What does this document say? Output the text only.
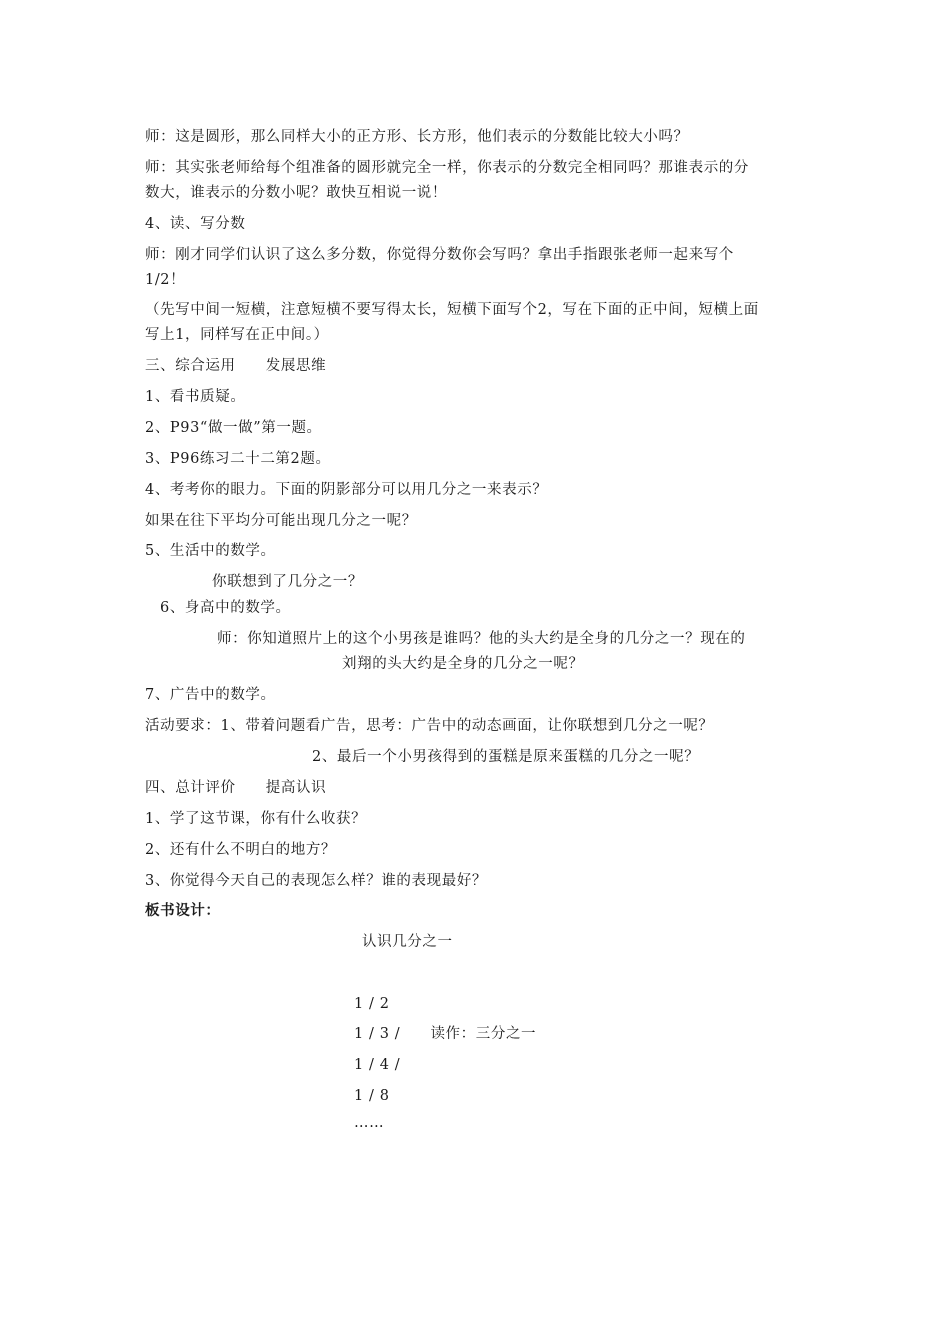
师：这是圆形，那么同样大小的正方形、长方形，他们表示的分数能比较大小吗？
师：其实张老师给每个组准备的圆形就完全一样，你表示的分数完全相同吗？那谁表示的分
数大，谁表示的分数小呢？敢快互相说一说！
4、读、写分数
师：刚才同学们认识了这么多分数，你觉得分数你会写吗？拿出手指跟张老师一起来写个
1/2！
（先写中间一短横，注意短横不要写得太长，短横下面写个2，写在下面的正中间，短横上面
写上1，同样写在正中间。）
三、综合运用　　发展思维
1、看书质疑。
2、P93“做一做”第一题。
3、P96练习二十二第2题。
4、考考你的眼力。下面的阴影部分可以用几分之一来表示？
如果在往下平均分可能出现几分之一呢？
5、生活中的数学。
你联想到了几分之一？
6、身高中的数学。
师：你知道照片上的这个小男孩是谁吗？他的头大约是全身的几分之一？现在的
刘翔的头大约是全身的几分之一呢？
7、广告中的数学。
活动要求：1、带着问题看广告，思考：广告中的动态画面，让你联想到几分之一呢？
2、最后一个小男孩得到的蛋糕是原来蛋糕的几分之一呢？
四、总计评价　　提高认识
1、学了这节课，你有什么收获？
2、还有什么不明白的地方？
3、你觉得今天自己的表现怎么样？谁的表现最好？
板书设计：
认识几分之一
1 / 2
1 / 3 /　　读作：三分之一
1 / 4 /
1 / 8
……
